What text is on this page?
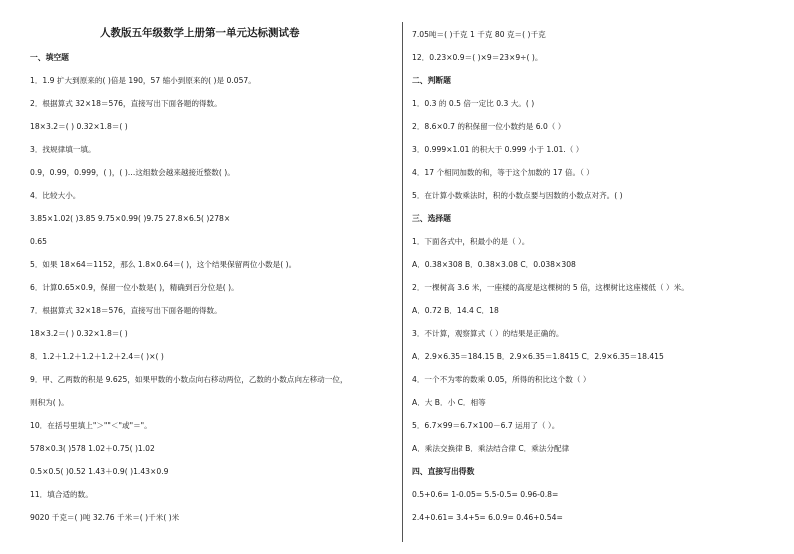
人教版五年级数学上册第一单元达标测试卷
一、填空题
1．1.9 扩大到原来的( )倍是 190，57 缩小到原来的( )是 0.057。
2．根据算式 32×18＝576，直接写出下面各题的得数。
18×3.2＝( ) 0.32×1.8＝( )
3．找规律填一填。
0.9，0.99，0.999，( )，( )…这组数会越来越接近整数( )。
4．比较大小。
3.85×1.02( )3.85 9.75×0.99( )9.75 27.8×6.5( )278×
0.65
5．如果 18×64＝1152，那么 1.8×0.64＝( )，这个结果保留两位小数是( )。
6．计算0.65×0.9，保留一位小数是( )，精确到百分位是( )。
7．根据算式 32×18＝576，直接写出下面各题的得数。
18×3.2＝( ) 0.32×1.8＝( )
8．1.2＋1.2＋1.2＋1.2＋2.4＝( )×( )
9．甲、乙两数的积是 9.625，如果甲数的小数点向右移动两位，乙数的小数点向左移动一位，
则积为( )。
10．在括号里填上"＞""＜"或"＝"。
578×0.3( )578 1.02＋0.75( )1.02
0.5×0.5( )0.52 1.43＋0.9( )1.43×0.9
11．填合适的数。
9020 千克＝( )吨 32.76 千米＝( )千米( )米
7.05吨＝( )千克 1 千克 80 克＝( )千克
12．0.23×0.9＝( )×9＝23×9÷( )。
二、判断题
1．0.3 的 0.5 倍一定比 0.3 大。( )
2．8.6×0.7 的积保留一位小数约是 6.0（ ）
3．0.999×1.01 的积大于 0.999 小于 1.01.（ ）
4．17 个相同加数的和，等于这个加数的 17 倍。（ ）
5．在计算小数乘法时，积的小数点要与因数的小数点对齐。( )
三、选择题
1．下面各式中，积最小的是（ ）。
A．0.38×308 B．0.38×3.08 C．0.038×308
2．一棵树高 3.6 米，一座楼的高度是这棵树的 5 倍，这棵树比这座楼低（ ）米。
A．0.72 B．14.4 C．18
3．不计算，观察算式（ ）的结果是正确的。
A．2.9×6.35＝184.15 B．2.9×6.35＝1.8415 C．2.9×6.35＝18.415
4．一个不为零的数乘 0.05，所得的积比这个数（ ）
A．大 B．小 C．相等
5．6.7×99＝6.7×100－6.7 运用了（ ）。
A．乘法交换律 B．乘法结合律 C．乘法分配律
四、直接写出得数
0.5+0.6= 1-0.05= 5.5-0.5= 0.96-0.8=
2.4+0.61= 3.4+5= 6.0.9= 0.46+0.54=
